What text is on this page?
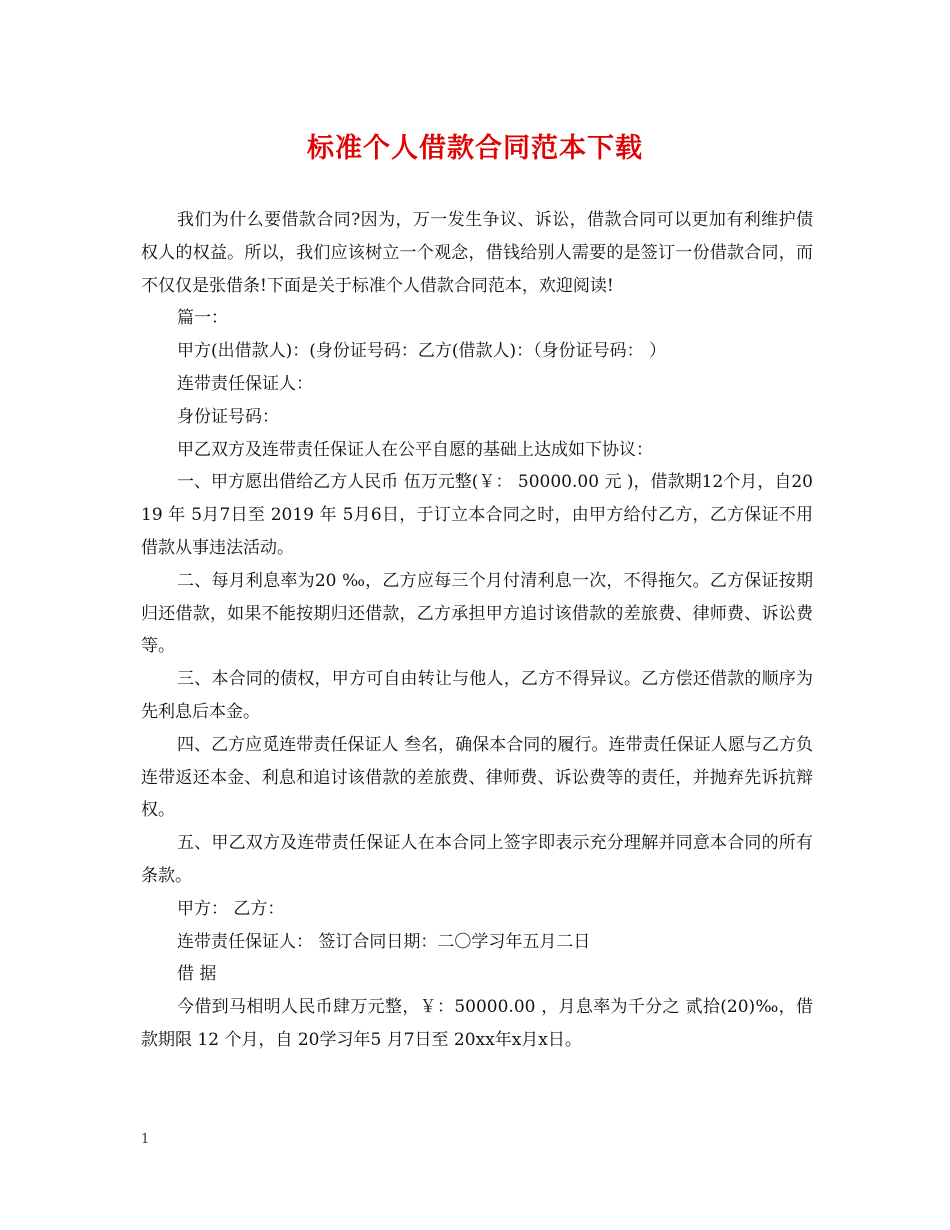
标准个人借款合同范本下载

我们为什么要借款合同?因为，万一发生争议、诉讼，借款合同可以更加有利维护债权人的权益。所以，我们应该树立一个观念，借钱给别人需要的是签订一份借款合同，而不仅仅是张借条!下面是关于标准个人借款合同范本，欢迎阅读!

篇一：

甲方(出借款人)：(身份证号码：乙方(借款人)：（身份证号码： ）

连带责任保证人：

身份证号码：

甲乙双方及连带责任保证人在公平自愿的基础上达成如下协议：

一、甲方愿出借给乙方人民币 伍万元整(￥： 50000.00 元 )，借款期12个月，自2019 年 5月7日至 2019 年 5月6日，于订立本合同之时，由甲方给付乙方，乙方保证不用借款从事违法活动。

二、每月利息率为20 ‰，乙方应每三个月付清利息一次，不得拖欠。乙方保证按期归还借款，如果不能按期归还借款，乙方承担甲方追讨该借款的差旅费、律师费、诉讼费等。

三、本合同的债权，甲方可自由转让与他人，乙方不得异议。乙方偿还借款的顺序为先利息后本金。

四、乙方应觅连带责任保证人 叁名，确保本合同的履行。连带责任保证人愿与乙方负连带返还本金、利息和追讨该借款的差旅费、律师费、诉讼费等的责任，并抛弃先诉抗辩权。

五、甲乙双方及连带责任保证人在本合同上签字即表示充分理解并同意本合同的所有条款。

甲方： 乙方：

连带责任保证人： 签订合同日期：二〇学习年五月二日

借 据

今借到马相明人民币肆万元整，￥：50000.00 ，月息率为千分之 贰拾(20)‰，借款期限 12 个月，自 20学习年5 月7日至 20xx年x月x日。

1
